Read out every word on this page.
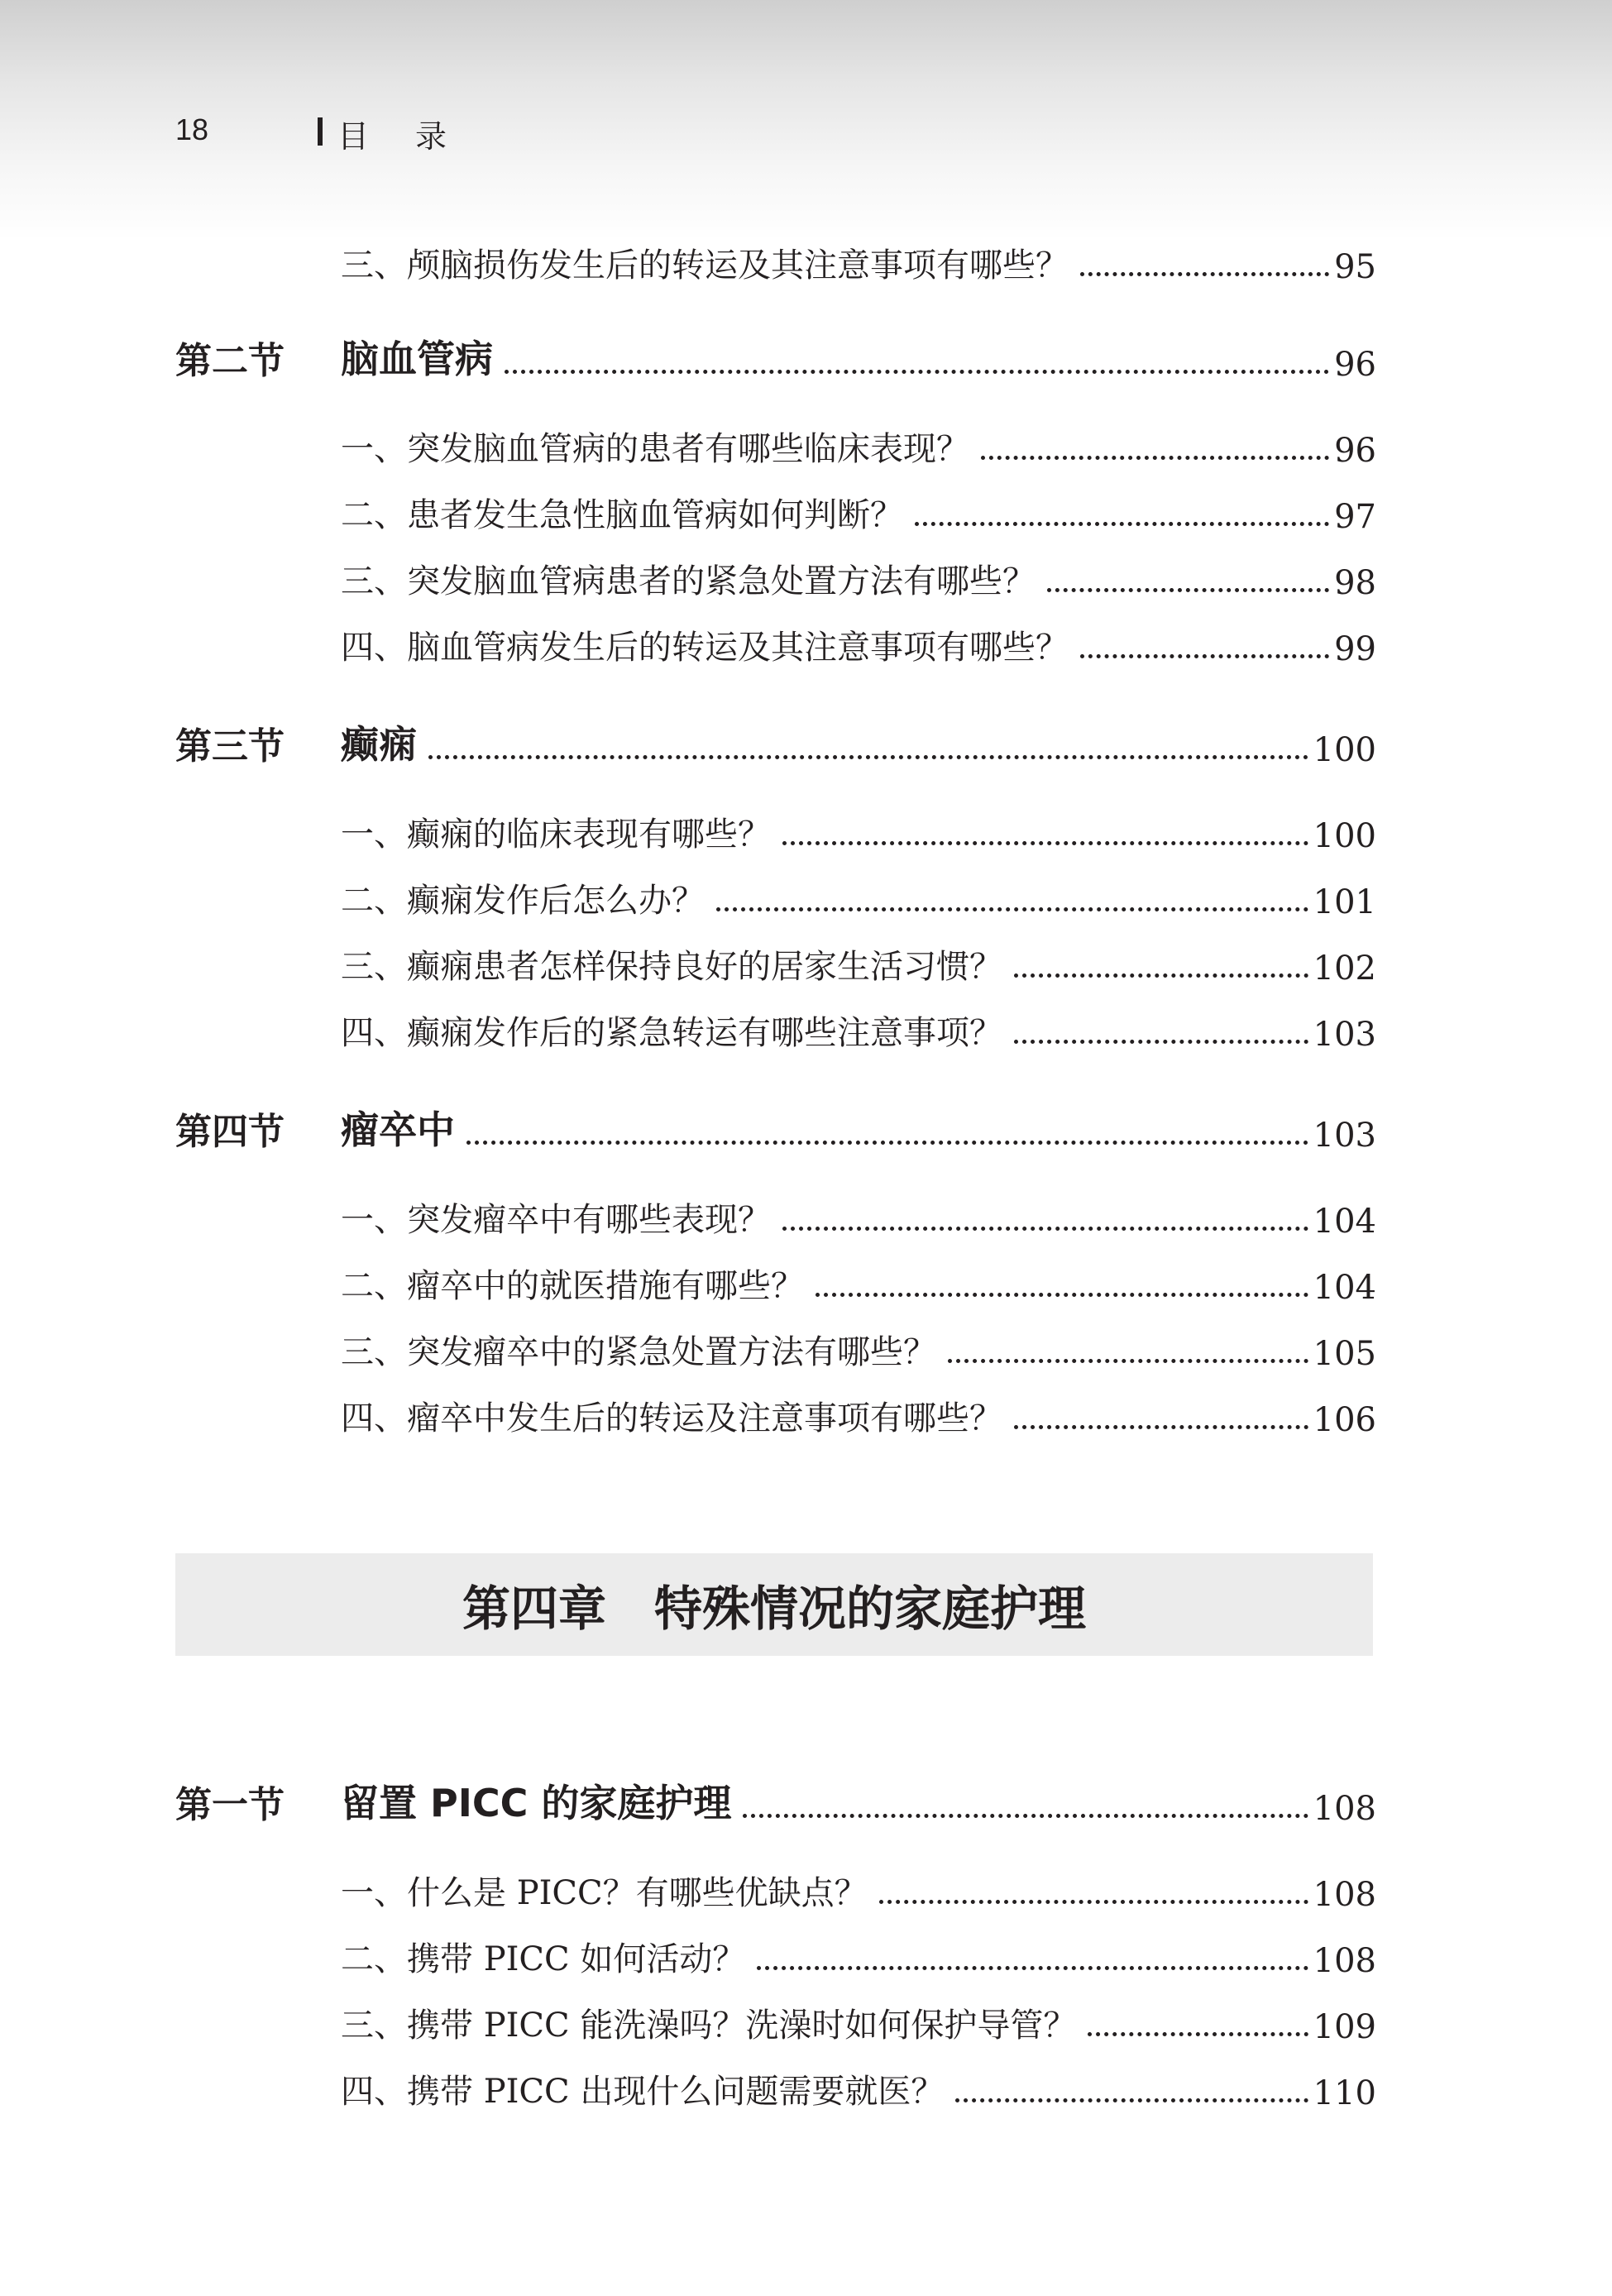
18	目录
三、颅脑损伤发生后的转运及其注意事项有哪些？	95
第二节	脑血管病	96
一、突发脑血管病的患者有哪些临床表现？	96
二、患者发生急性脑血管病如何判断？	97
三、突发脑血管病患者的紧急处置方法有哪些？	98
四、脑血管病发生后的转运及其注意事项有哪些？	99
第三节	癫痫	100
一、癫痫的临床表现有哪些？	100
二、癫痫发作后怎么办？	101
三、癫痫患者怎样保持良好的居家生活习惯？	102
四、癫痫发作后的紧急转运有哪些注意事项？	103
第四节	瘤卒中	103
一、突发瘤卒中有哪些表现？	104
二、瘤卒中的就医措施有哪些？	104
三、突发瘤卒中的紧急处置方法有哪些？	105
四、瘤卒中发生后的转运及注意事项有哪些？	106
第四章　特殊情况的家庭护理
第一节	留置 PICC 的家庭护理	108
一、什么是 PICC？有哪些优缺点？	108
二、携带 PICC 如何活动？	108
三、携带 PICC 能洗澡吗？洗澡时如何保护导管？	109
四、携带 PICC 出现什么问题需要就医？	110
